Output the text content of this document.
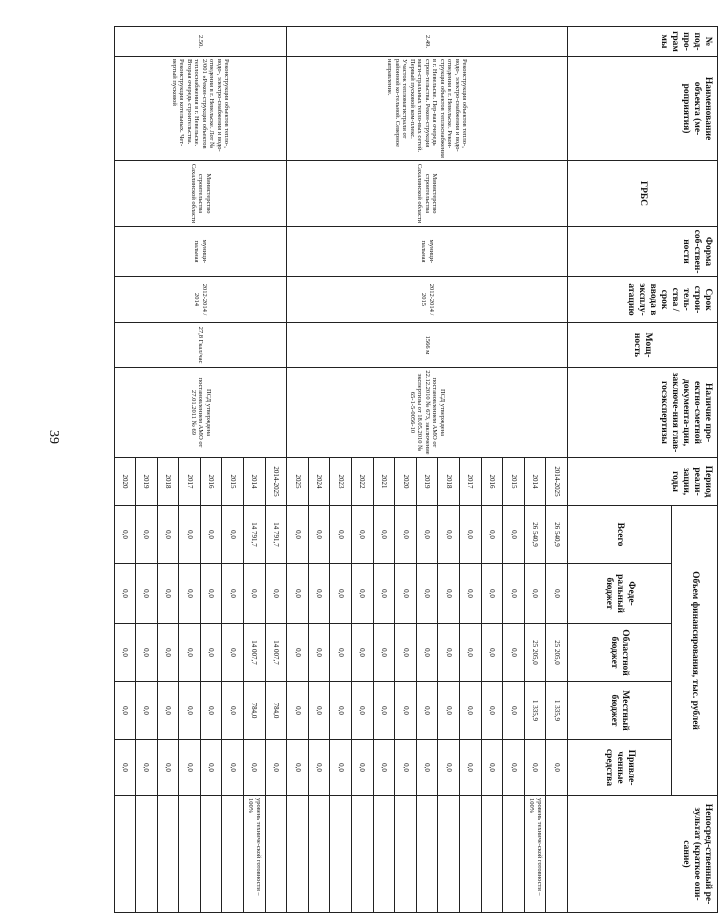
39
№ под-про-грам мы	Наименование объекта (ме-роприятия)	ГРБС	Форма соб-ствен-ности	Срок строи-тель-ства / срок ввода в эксплу-атацию	Мощ-ность	Наличие про-ектно-сметной документа-ции, заключе-ния глав-госэкспертизы	Период реали-зации, годы	Объем финансирования, тыс. рублей					Непосред-ственный ре-зультат (краткое опи-сание)
								Всего	Феде-ральный бюджет	Областной бюджет	Местный бюджет	Привле-ченные средства	
2.49.	Реконструкция объектов тепло-, водо-, электро-снабжения и водо-отведения в г. Невельске. Рекон-струкция объектов теплоснабжения в г. Невельске. Пер-вая очередь строи-тельства. Рекон-струкция маги-стральных тепло-вых сетей. Первый пусковой ком-плекс. Участок тепломагистрали от районной ко-тельной. Северное направление.	Министерство строительства Сахалинской области	муници-пальная	2012-2014 / 2015	1566 м	ПСД утверждена постановлением АМО от 22.12.2010 № 673, заключение экспертизы от 18.05.2010 № 65-1-5-0056-10	2014-2025	26 540,9	0,0	25 205,0	1 335,9	0,0	
							2014	26 540,9	0,0	25 205,0	1 335,9	0,0	уровень техниче-ской готовности – 100%
							2015	0,0	0,0	0,0	0,0	0,0	
							2016	0,0	0,0	0,0	0,0	0,0	
							2017	0,0	0,0	0,0	0,0	0,0	
							2018	0,0	0,0	0,0	0,0	0,0	
							2019	0,0	0,0	0,0	0,0	0,0	
							2020	0,0	0,0	0,0	0,0	0,0	
							2021	0,0	0,0	0,0	0,0	0,0	
							2022	0,0	0,0	0,0	0,0	0,0	
							2023	0,0	0,0	0,0	0,0	0,0	
							2024	0,0	0,0	0,0	0,0	0,0	
							2025	0,0	0,0	0,0	0,0	0,0	
2.50.	Реконструкция объектов тепло-, водо-, электро-снабжения и водо-отведения в г. Невельске. Лот № 2/001 «Рекон-струкция объектов теплоснабжения в г. Невельске. Вторая очередь строительства. Реконструкция котельных. Чет-вертый пусковой	Министерство строительства Сахалинской области	муници-пальная	2012-2014 / 2014	27,8 Гкал/час	ПСД утверждена постановлением АМО от 27.01.2011 № 69	2014-2025	14 791,7	0,0	14 007,7	784,0	0,0	
							2014	14 791,7	0,0	14 007,7	784,0	0,0	уровень техниче-ской готовности – 100%
							2015	0,0	0,0	0,0	0,0	0,0	
							2016	0,0	0,0	0,0	0,0	0,0	
							2017	0,0	0,0	0,0	0,0	0,0	
							2018	0,0	0,0	0,0	0,0	0,0	
							2019	0,0	0,0	0,0	0,0	0,0	
							2020	0,0	0,0	0,0	0,0	0,0	
